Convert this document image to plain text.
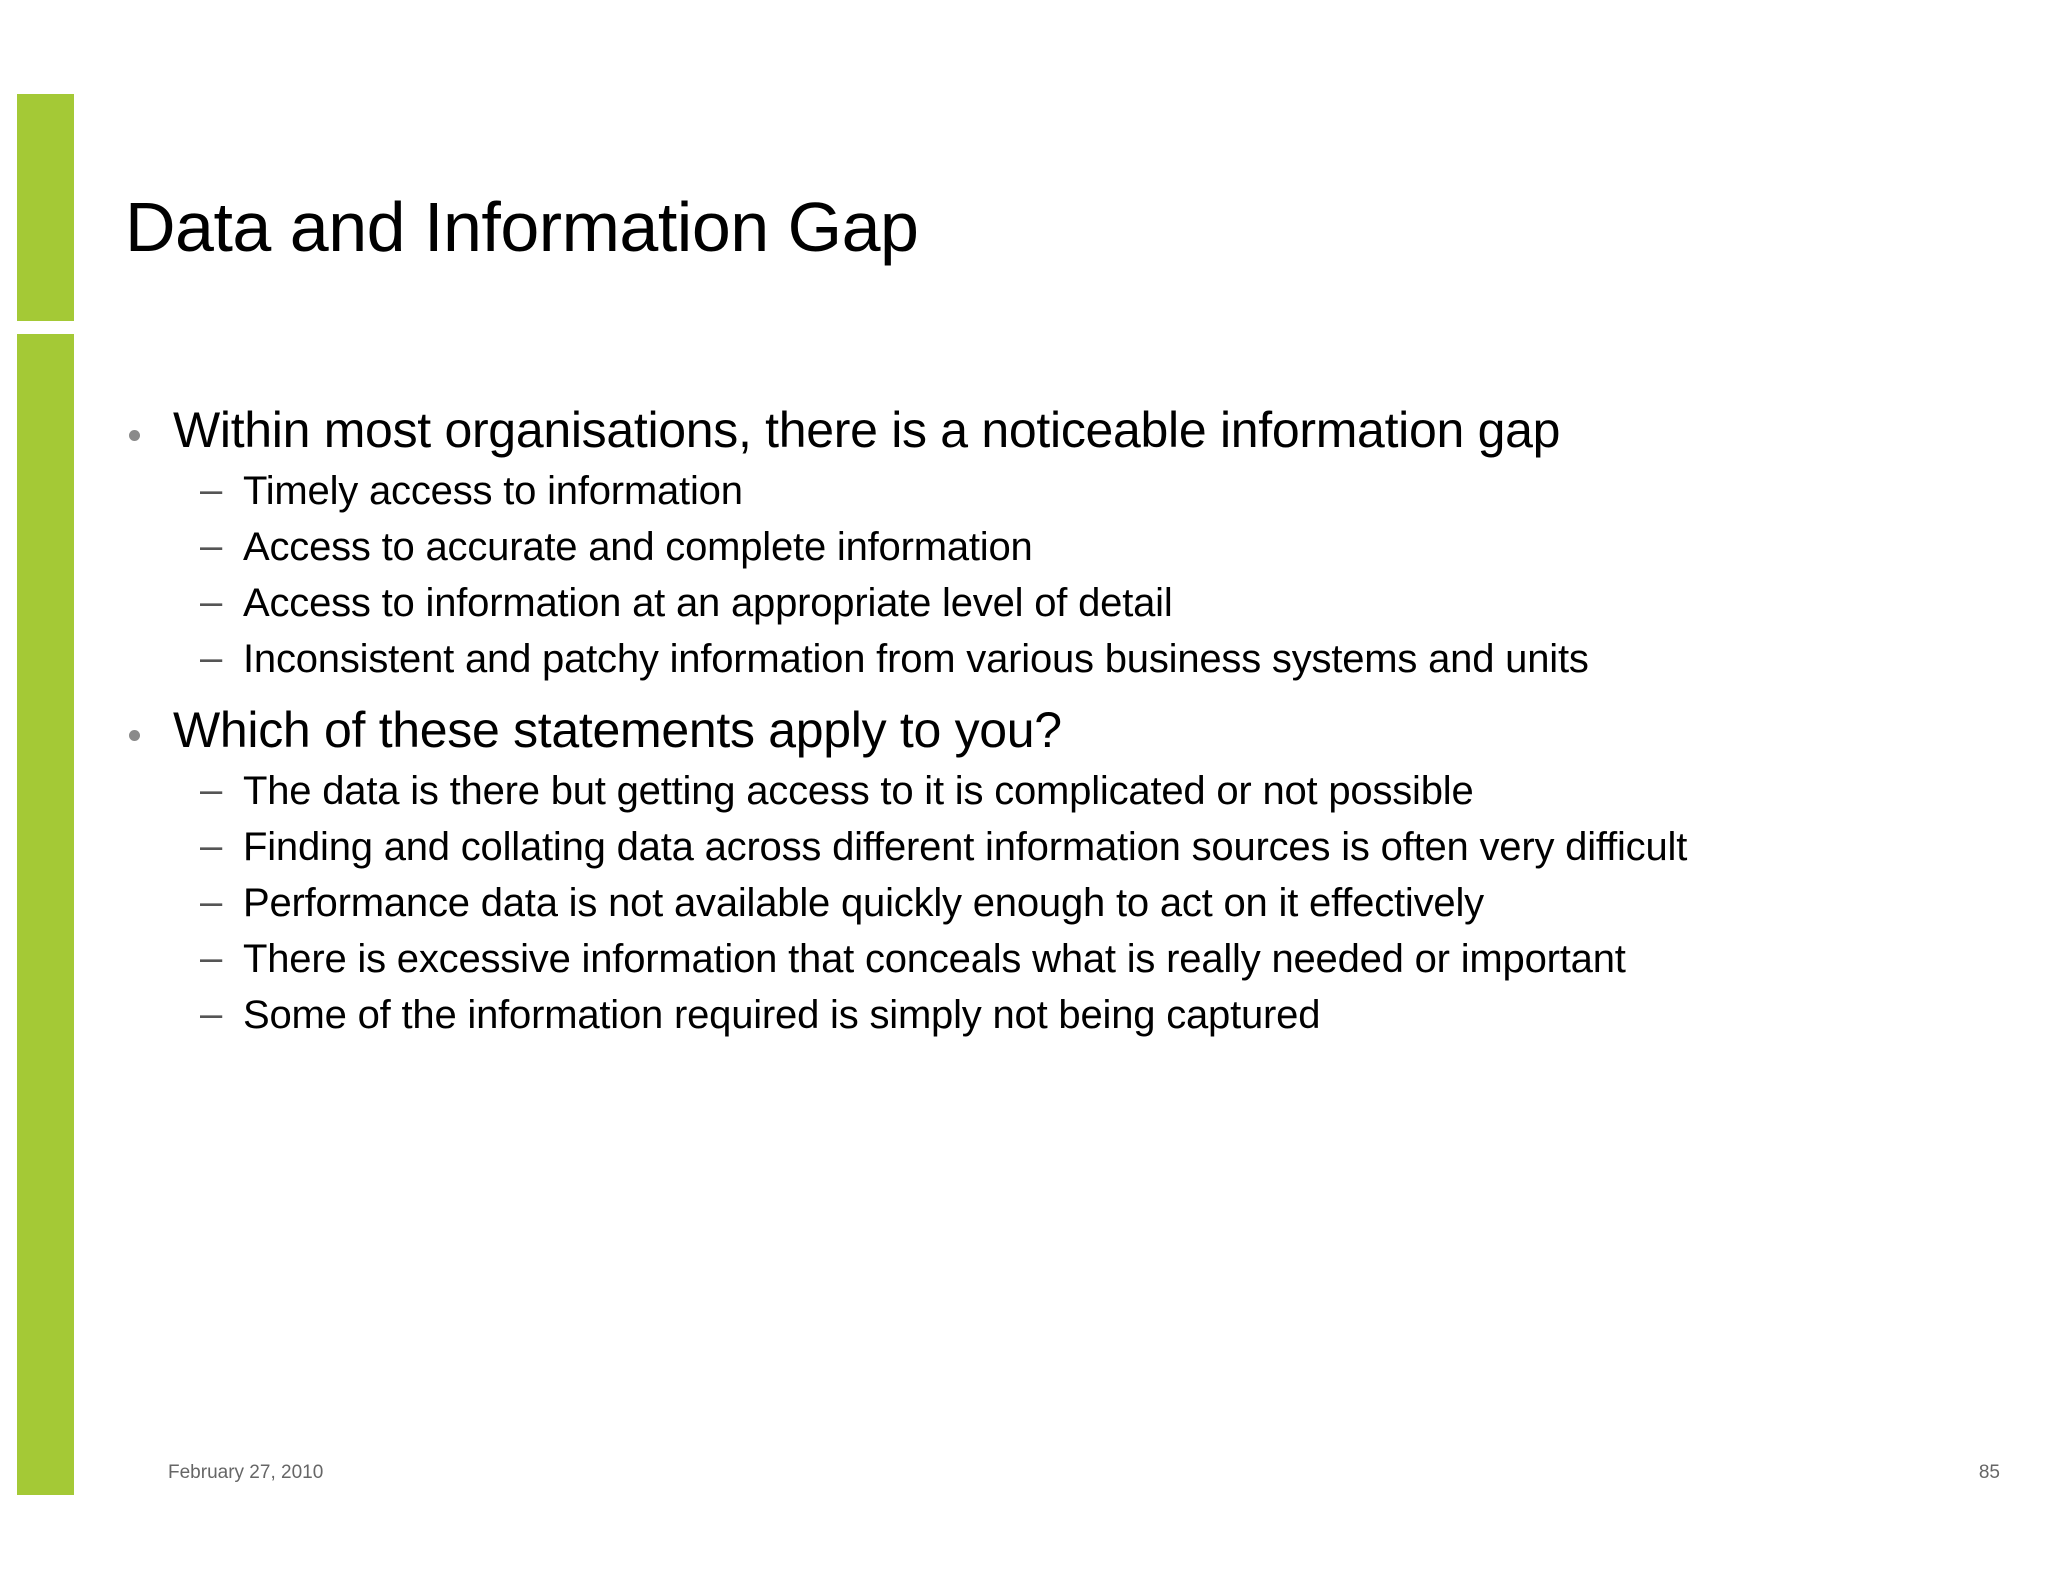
Data and Information Gap
Within most organisations, there is a noticeable information gap
– Timely access to information
– Access to accurate and complete information
– Access to information at an appropriate level of detail
– Inconsistent and patchy information from various business systems and units
Which of these statements apply to you?
– The data is there but getting access to it is complicated or not possible
– Finding and collating data across different information sources is often very difficult
– Performance data is not available quickly enough to act on it effectively
– There is excessive information that conceals what is really needed or important
– Some of the information required is simply not being captured
February 27, 2010	85
